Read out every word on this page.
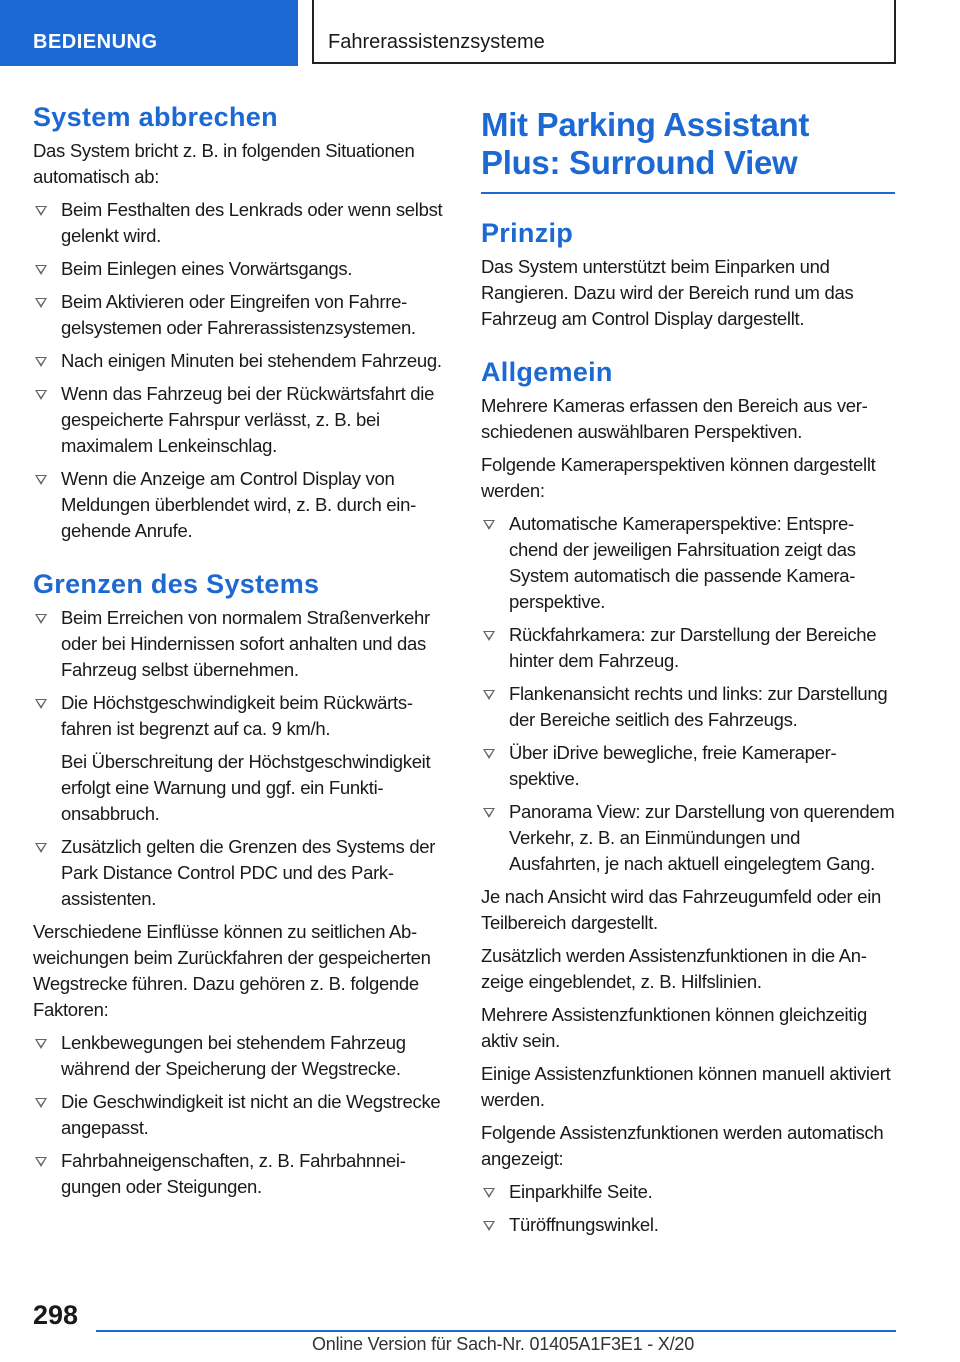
BEDIENUNG	Fahrerassistenzsysteme
System abbrechen

Das System bricht z. B. in folgenden Situationen automatisch ab:

Beim Festhalten des Lenkrads oder wenn selbst gelenkt wird.
Beim Einlegen eines Vorwärtsgangs.
Beim Aktivieren oder Eingreifen von Fahrregelsystemen oder Fahrerassistenzsystemen.
Nach einigen Minuten bei stehendem Fahrzeug.
Wenn das Fahrzeug bei der Rückwärtsfahrt die gespeicherte Fahrspur verlässt, z. B. bei maximalem Lenkeinschlag.
Wenn die Anzeige am Control Display von Meldungen überblendet wird, z. B. durch eingehende Anrufe.
Grenzen des Systems
Beim Erreichen von normalem Straßenverkehr oder bei Hindernissen sofort anhalten und das Fahrzeug selbst übernehmen.
Die Höchstgeschwindigkeit beim Rückwärtsfahren ist begrenzt auf ca. 9 km/h.

Bei Überschreitung der Höchstgeschwindigkeit erfolgt eine Warnung und ggf. ein Funktionsabbruch.

Zusätzlich gelten die Grenzen des Systems der Park Distance Control PDC und des Parkassistenten.

Verschiedene Einflüsse können zu seitlichen Abweichungen beim Zurückfahren der gespeicherten Wegstrecke führen. Dazu gehören z. B. folgende Faktoren:

Lenkbewegungen bei stehendem Fahrzeug während der Speicherung der Wegstrecke.
Die Geschwindigkeit ist nicht an die Wegstrecke angepasst.
Fahrbahneigenschaften, z. B. Fahrbahnneigungen oder Steigungen.
Mit Parking Assistant Plus: Surround View
Prinzip

Das System unterstützt beim Einparken und Rangieren. Dazu wird der Bereich rund um das Fahrzeug am Control Display dargestellt.

Allgemein

Mehrere Kameras erfassen den Bereich aus verschiedenen auswählbaren Perspektiven.

Folgende Kameraperspektiven können dargestellt werden:

Automatische Kameraperspektive: Entsprechend der jeweiligen Fahrsituation zeigt das System automatisch die passende Kameraperspektive.
Rückfahrkamera: zur Darstellung der Bereiche hinter dem Fahrzeug.
Flankenansicht rechts und links: zur Darstellung der Bereiche seitlich des Fahrzeugs.
Über iDrive bewegliche, freie Kameraperspektive.
Panorama View: zur Darstellung von querendem Verkehr, z. B. an Einmündungen und Ausfahrten, je nach aktuell eingelegtem Gang.

Je nach Ansicht wird das Fahrzeugumfeld oder ein Teilbereich dargestellt.

Zusätzlich werden Assistenzfunktionen in die Anzeige eingeblendet, z. B. Hilfslinien.

Mehrere Assistenzfunktionen können gleichzeitig aktiv sein.

Einige Assistenzfunktionen können manuell aktiviert werden.

Folgende Assistenzfunktionen werden automatisch angezeigt:

Einparkhilfe Seite.
Türöffnungswinkel.
298
Online Version für Sach-Nr. 01405A1F3E1 - X/20
